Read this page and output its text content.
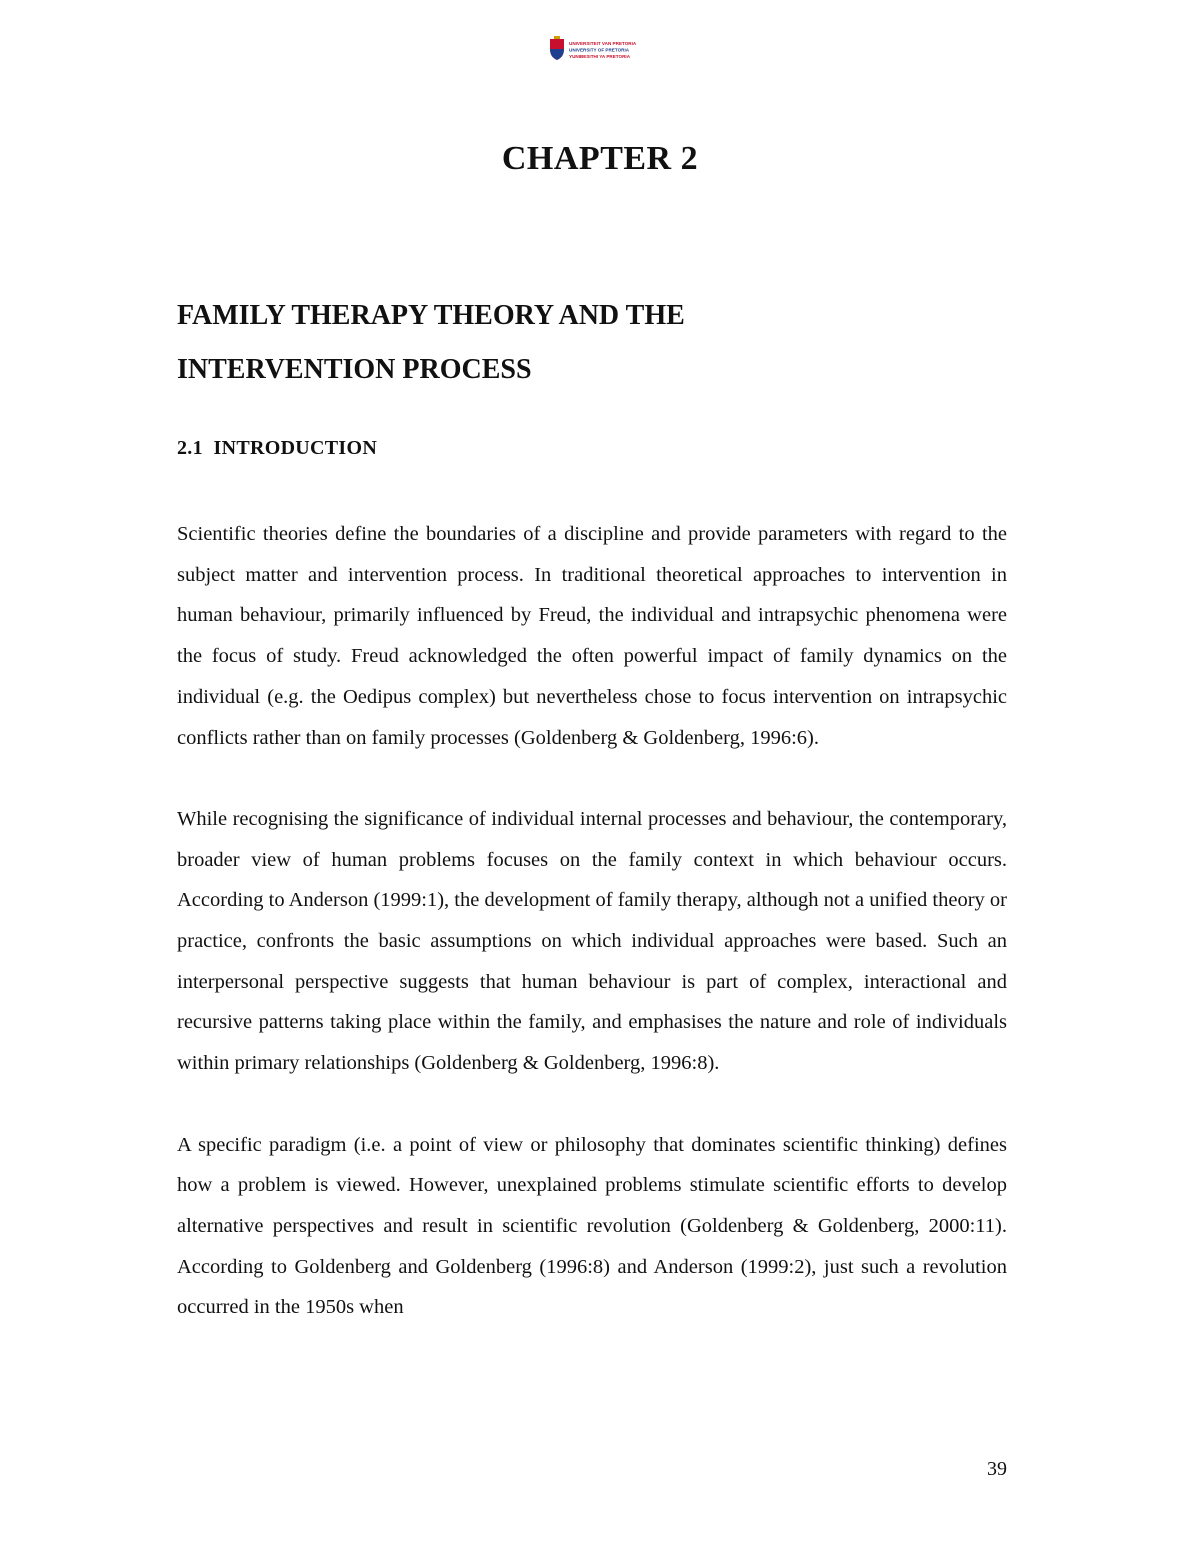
UNIVERSITEIT VAN PRETORIA
UNIVERSITY OF PRETORIA
YUNIBESITHI YA PRETORIA
CHAPTER 2
FAMILY THERAPY THEORY AND THE
INTERVENTION PROCESS
2.1  INTRODUCTION

Scientific theories define the boundaries of a discipline and provide parameters with regard to the subject matter and intervention process. In traditional theoretical approaches to intervention in human behaviour, primarily influenced by Freud, the individual and intrapsychic phenomena were the focus of study. Freud acknowledged the often powerful impact of family dynamics on the individual (e.g. the Oedipus complex) but nevertheless chose to focus intervention on intrapsychic conflicts rather than on family processes (Goldenberg & Goldenberg, 1996:6).

While recognising the significance of individual internal processes and behaviour, the contemporary, broader view of human problems focuses on the family context in which behaviour occurs. According to Anderson (1999:1), the development of family therapy, although not a unified theory or practice, confronts the basic assumptions on which individual approaches were based. Such an interpersonal perspective suggests that human behaviour is part of complex, interactional and recursive patterns taking place within the family, and emphasises the nature and role of individuals within primary relationships (Goldenberg & Goldenberg, 1996:8).

A specific paradigm (i.e. a point of view or philosophy that dominates scientific thinking) defines how a problem is viewed. However, unexplained problems stimulate scientific efforts to develop alternative perspectives and result in scientific revolution (Goldenberg & Goldenberg, 2000:11). According to Goldenberg and Goldenberg (1996:8) and Anderson (1999:2), just such a revolution occurred in the 1950s when

39
